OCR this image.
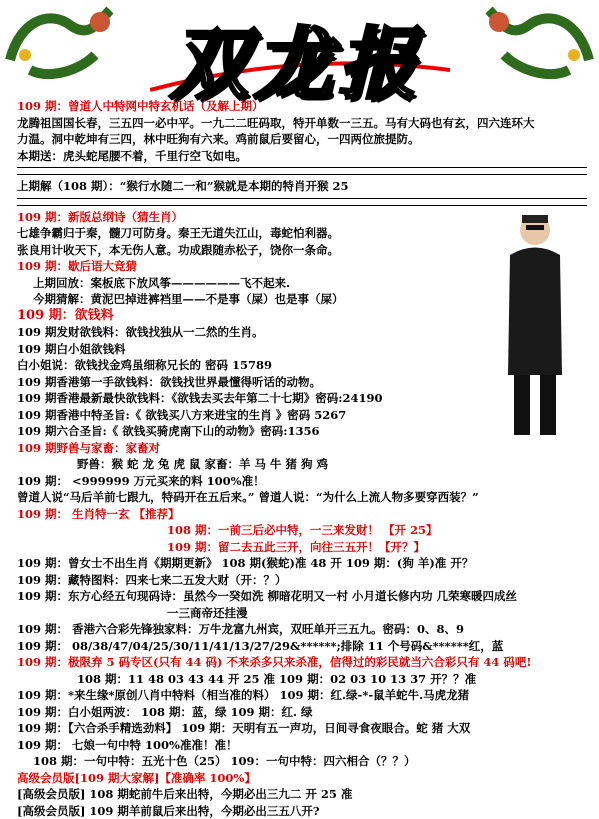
双龙报
109 期：曾道人中特网中特玄机话（及解上期）
龙腾祖国国长春，三五四一必中平。一九二二旺码取，特开单数一三五。马有大码也有玄，四六连环大
力温。洞中乾坤有三四，林中旺狗有六来。鸡前鼠后要留心，一四两位旅提防。
本期送：虎头蛇尾腰不着，千里行空飞如电。
上期解（108 期）：“猴行水随二一和”猴就是本期的特肖开猴 25
109 期：新版总纲诗（猜生肖）
七雄争霸归于秦，髓刀可防身。秦王无道失江山，毒蛇怕利器。
张良用计收天下，本无伤人意。功成跟随赤松子，饶你一条命。
109 期：歇后语大竞猜
上期回放：案板底下放风筝——————飞不起来.
今期猜解：黄泥巴掉进裤裆里——不是事（屎）也是事（屎）
109 期：欲钱料
109 期发财欲钱料：欲钱找独从一二然的生肖。
109 期白小姐欲钱料
白小姐说：欲钱找金鸡虽细称兄长的 密码 15789
109 期香港第一手欲钱料：欲钱找世界最懂得听话的动物。
109 期香港最新最快欲钱料：《欲钱去买去年第二十七期》密码:24190
109 期香港中特圣旨:《 欲钱买八方来进宝的生肖 》密码 5267
109 期六合圣旨:《 欲钱买骑虎南下山的动物》密码:1356
109 期野兽与家畜：家畜对
野兽：猴 蛇 龙 兔 虎 鼠 家畜：羊 马 牛 猪 狗 鸡
109 期： <999999 万元买来的料 100%准！
曾道人说“马后羊前七跟九，特码开在五后来。” 曾道人说：“为什么上流人物多要穿西装？”
109 期： 生肖特一玄 【推荐】
108 期：一前三后必中特，一三来发财！ 【开 25】
109 期：留二去五此三开，向往三五开！【开？】
109 期：曾女士不出生肖《期期更新》 108 期(猴蛇)准 48 开 109 期：(狗 羊)准 开？
109 期：藏特图料：四来七来二五发大财（开：？）
109 期：东方心经五句现码诗：虽然今一癸如洗 柳暗花明又一村 小月道长修内功 几荣寒暖四成丝
一三商帝还挂漫
109 期： 香港六合彩先锋独家料：万牛龙富九州宾，双旺单开三五九。密码：0、8、9
109 期： 08/38/47/04/25/30/11/41/13/27/29&******;排除 11 个号码&******红，蓝
109 期：极限弃 5 码专区(只有 44 码) 不来杀多只来杀准，信得过的彩民就当六合彩只有 44 码吧!
108 期：11 48 03 43 44 开 25 准 109 期：02 03 10 13 37 开？？准
109 期：*来生缘*原创八肖中特料（相当准的料） 109 期：红.绿-*-鼠羊蛇牛.马虎龙猪
109 期：白小姐两波： 108 期：蓝，绿 109 期：红. 绿
109 期：【六合杀手精选劲料】 109 期：天明有五一声功，日间寻食夜眼合。蛇 猪 大双
109 期： 七娘一句中特 100%准准！准！
108 期：一句中特：五光十色（25） 109：一句中特：四六相合（？？）
高级会员版[109 期大家解]【准确率 100%】
[高级会员版] 108 期蛇前牛后来出特，今期必出三九二 开 25 准
[高级会员版] 109 期羊前鼠后来出特，今期必出三五八开?
